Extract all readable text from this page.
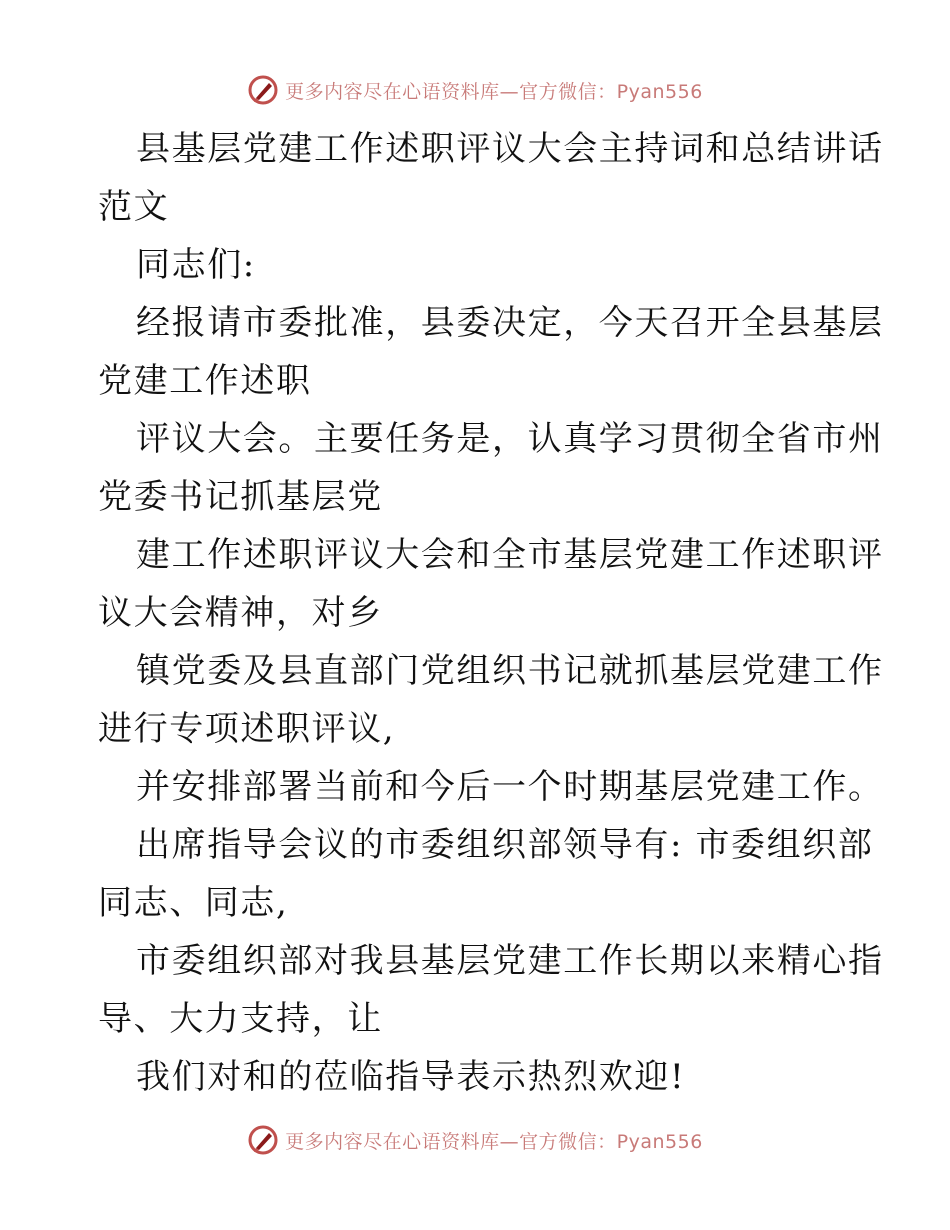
更多内容尽在心语资料库—官方微信：Pyan556
县基层党建工作述职评议大会主持词和总结讲话
范文
同志们:
经报请市委批准，县委决定，今天召开全县基层
党建工作述职
评议大会。主要任务是，认真学习贯彻全省市州
党委书记抓基层党
建工作述职评议大会和全市基层党建工作述职评
议大会精神，对乡
镇党委及县直部门党组织书记就抓基层党建工作
进行专项述职评议,
并安排部署当前和今后一个时期基层党建工作。
出席指导会议的市委组织部领导有: 市委组织部
同志、同志,
市委组织部对我县基层党建工作长期以来精心指
导、大力支持，让
我们对和的莅临指导表示热烈欢迎!
更多内容尽在心语资料库—官方微信：Pyan556
